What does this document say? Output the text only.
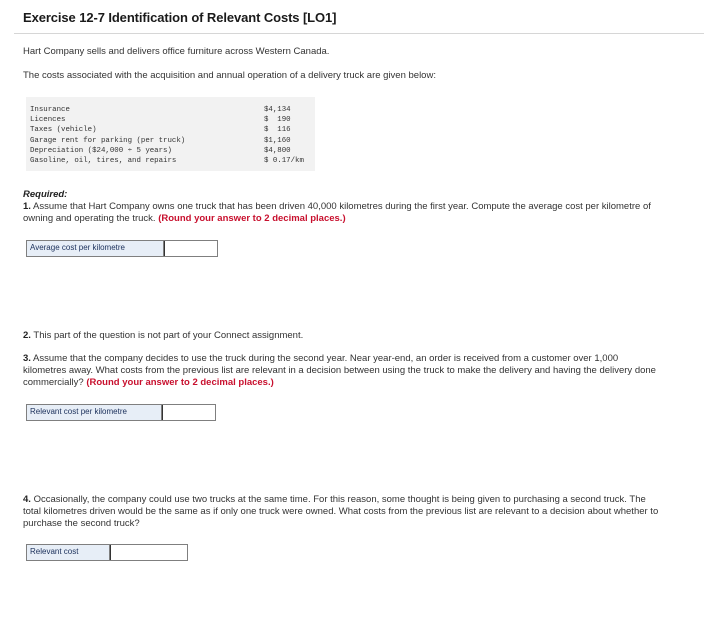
Exercise 12-7 Identification of Relevant Costs [LO1]
Hart Company sells and delivers office furniture across Western Canada.
The costs associated with the acquisition and annual operation of a delivery truck are given below:
Insurance
Licences
Taxes (vehicle)
Garage rent for parking (per truck)
Depreciation ($24,000 ÷ 5 years)
Gasoline, oil, tires, and repairs
$4,134
$  190
$  116
$1,160
$4,800
$ 0.17/km
Required:
1. Assume that Hart Company owns one truck that has been driven 40,000 kilometres during the first year. Compute the average cost per kilometre of owning and operating the truck. (Round your answer to 2 decimal places.)
Average cost per kilometre
2. This part of the question is not part of your Connect assignment.
3. Assume that the company decides to use the truck during the second year. Near year-end, an order is received from a customer over 1,000 kilometres away. What costs from the previous list are relevant in a decision between using the truck to make the delivery and having the delivery done commercially? (Round your answer to 2 decimal places.)
Relevant cost per kilometre
4. Occasionally, the company could use two trucks at the same time. For this reason, some thought is being given to purchasing a second truck. The total kilometres driven would be the same as if only one truck were owned. What costs from the previous list are relevant to a decision about whether to purchase the second truck?
Relevant cost
